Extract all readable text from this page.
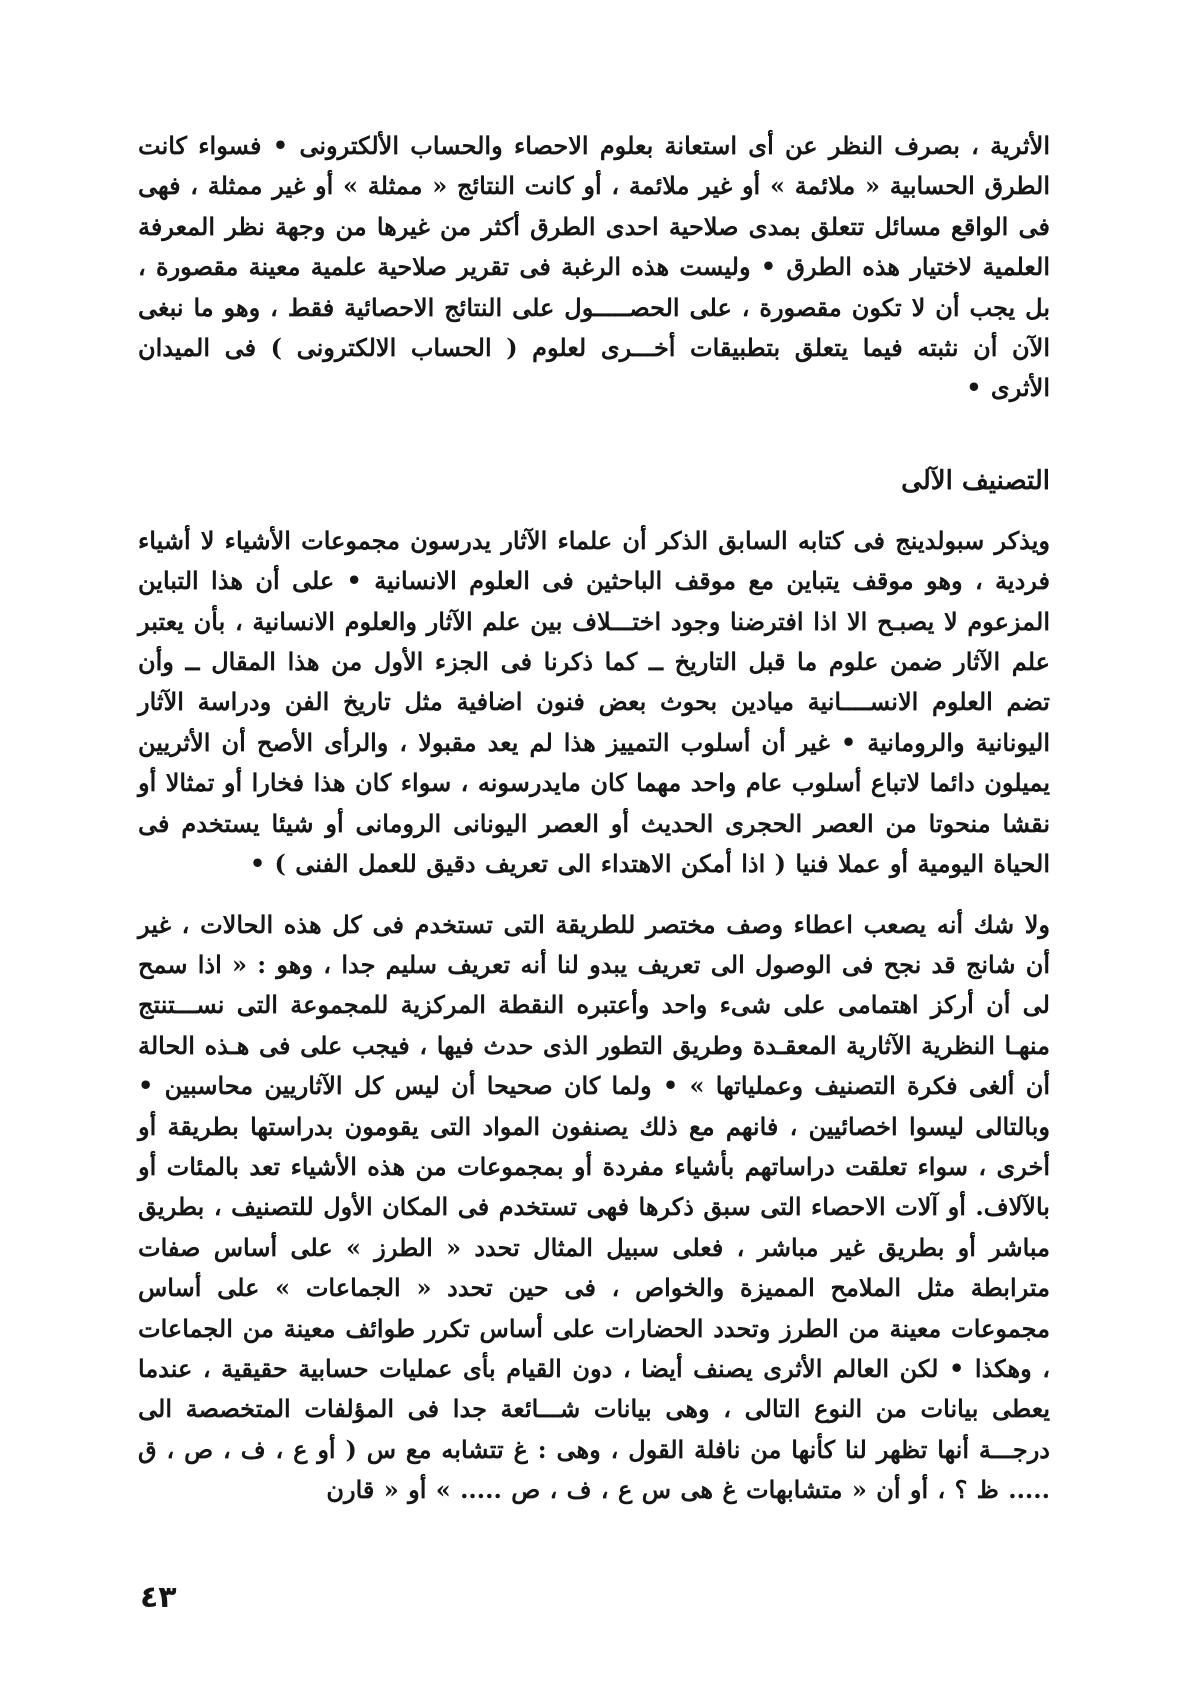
الأثرية ، بصرف النظر عن أى استعانة بعلوم الاحصاء والحساب الألكترونى • فسواء كانت الطرق الحسابية « ملائمة » أو غير ملائمة ، أو كانت النتائج « ممثلة » أو غير ممثلة ، فهى فى الواقع مسائل تتعلق بمدى صلاحية احدى الطرق أكثر من غيرها من وجهة نظر المعرفة العلمية لاختيار هذه الطرق • وليست هذه الرغبة فى تقرير صلاحية علمية معينة مقصورة ، بل يجب أن لا تكون مقصورة ، على الحصـــــول على النتائج الاحصائية فقط ، وهو ما نبغى الآن أن نثبته فيما يتعلق بتطبيقات أخـــرى لعلوم ( الحساب الالكترونى ) فى الميدان الأثرى •

التصنيف الآلى

ويذكر سبولدينج فى كتابه السابق الذكر أن علماء الآثار يدرسون مجموعات الأشياء لا أشياء فردية ، وهو موقف يتباين مع موقف الباحثين فى العلوم الانسانية • على أن هذا التباين المزعوم لا يصبـح الا اذا افترضنا وجود اختـــلاف بين علم الآثار والعلوم الانسانية ، بأن يعتبر علم الآثار ضمن علوم ما قبل التاريخ ــ كما ذكرنا فى الجزء الأول من هذا المقال ــ وأن تضم العلوم الانســــانية ميادين بحوث بعض فنون اضافية مثل تاريخ الفن ودراسة الآثار اليونانية والرومانية • غير أن أسلوب التمييز هذا لم يعد مقبولا ، والرأى الأصح أن الأثريين يميلون دائما لاتباع أسلوب عام واحد مهما كان مايدرسونه ، سواء كان هذا فخارا أو تمثالا أو نقشا منحوتا من العصر الحجرى الحديث أو العصر اليونانى الرومانى أو شيئا يستخدم فى الحياة اليومية أو عملا فنيا ( اذا أمكن الاهتداء الى تعريف دقيق للعمل الفنى ) •

ولا شك أنه يصعب اعطاء وصف مختصر للطريقة التى تستخدم فى كل هذه الحالات ، غير أن شانج قد نجح فى الوصول الى تعريف يبدو لنا أنه تعريف سليم جدا ، وهو : « اذا سمح لى أن أركز اهتمامى على شىء واحد وأعتبره النقطة المركزية للمجموعة التى نســـتنتج منهـا النظرية الآثارية المعقـدة وطريق التطور الذى حدث فيها ، فيجب على فى هـذه الحالة أن ألغى فكرة التصنيف وعملياتها » • ولما كان صحيحا أن ليس كل الآثاريين محاسبين • وبالتالى ليسوا اخصائيين ، فانهم مع ذلك يصنفون المواد التى يقومون بدراستها بطريقة أو أخرى ، سواء تعلقت دراساتهم بأشياء مفردة أو بمجموعات من هذه الأشياء تعد بالمئات أو بالآلاف. أو آلات الاحصاء التى سبق ذكرها فهى تستخدم فى المكان الأول للتصنيف ، بطريق مباشر أو بطريق غير مباشر ، فعلى سبيل المثال تحدد « الطرز » على أساس صفات مترابطة مثل الملامح المميزة والخواص ، فى حين تحدد « الجماعات » على أساس مجموعات معينة من الطرز وتحدد الحضارات على أساس تكرر طوائف معينة من الجماعات ، وهكذا • لكن العالم الأثرى يصنف أيضا ، دون القيام بأى عمليات حسابية حقيقية ، عندما يعطى بيانات من النوع التالى ، وهى بيانات شـــائعة جدا فى المؤلفات المتخصصة الى درجـــة أنها تظهر لنا كأنها من نافلة القول ، وهى : غ تتشابه مع س ( أو ع ، ف ، ص ، ق ..... ظ ؟ ، أو أن « متشابهات غ هى س ع ، ف ، ص ..... » أو « قارن

٤٣
